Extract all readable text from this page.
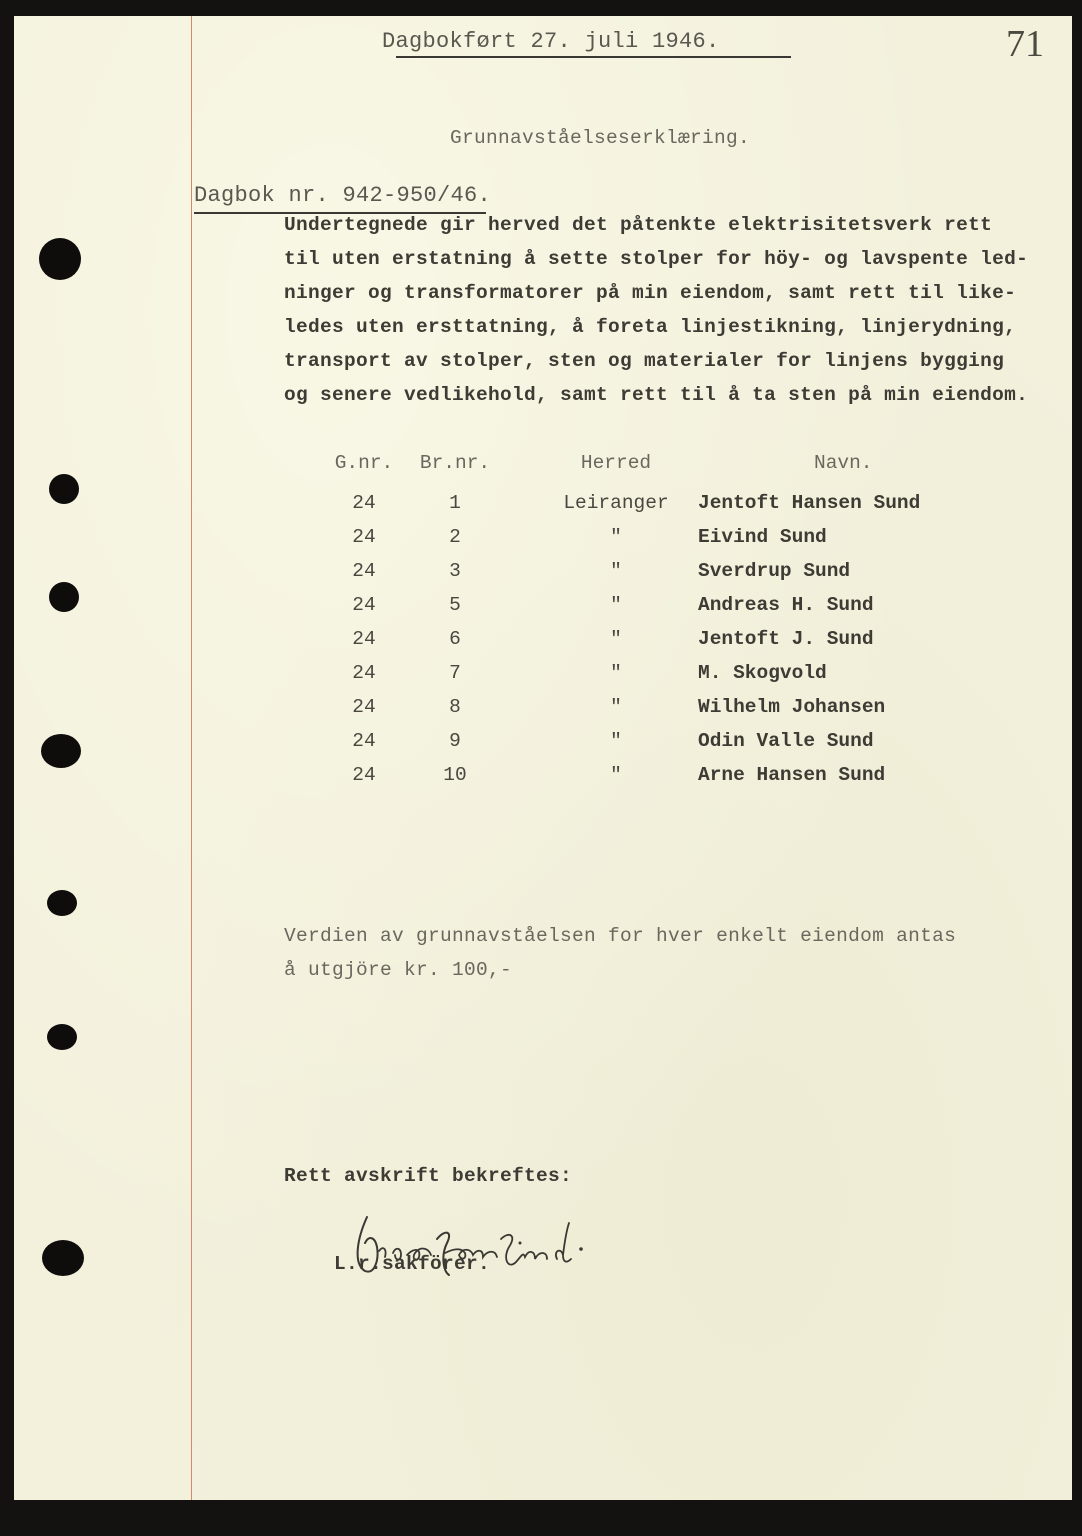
Dagbokført 27. juli 1946.	71
Grunnavståelseserklæring.
Dagbok nr. 942-950/46.
Undertegnede gir herved det påtenkte elektrisitetsverk rett
til uten erstatning å sette stolper for höy- og lavspente led-
ninger og transformatorer på min eiendom, samt rett til like-
ledes uten ersttatning, å foreta linjestikning, linjerydning,
transport av stolper, sten og materialer for linjens bygging
og senere vedlikehold, samt rett til å ta sten på min eiendom.
G.nr.	Br.nr.	Herred	Navn.
24	1	Leiranger	Jentoft Hansen Sund
24	2	"	Eivind Sund
24	3	"	Sverdrup Sund
24	5	"	Andreas H. Sund
24	6	"	Jentoft J. Sund
24	7	"	M. Skogvold
24	8	"	Wilhelm Johansen
24	9	"	Odin Valle Sund
24	10	"	Arne Hansen Sund
Verdien av grunnavståelsen for hver enkelt eiendom antas
å utgjöre kr. 100,-
Rett avskrift bekreftes:
L.r.sakförer.
